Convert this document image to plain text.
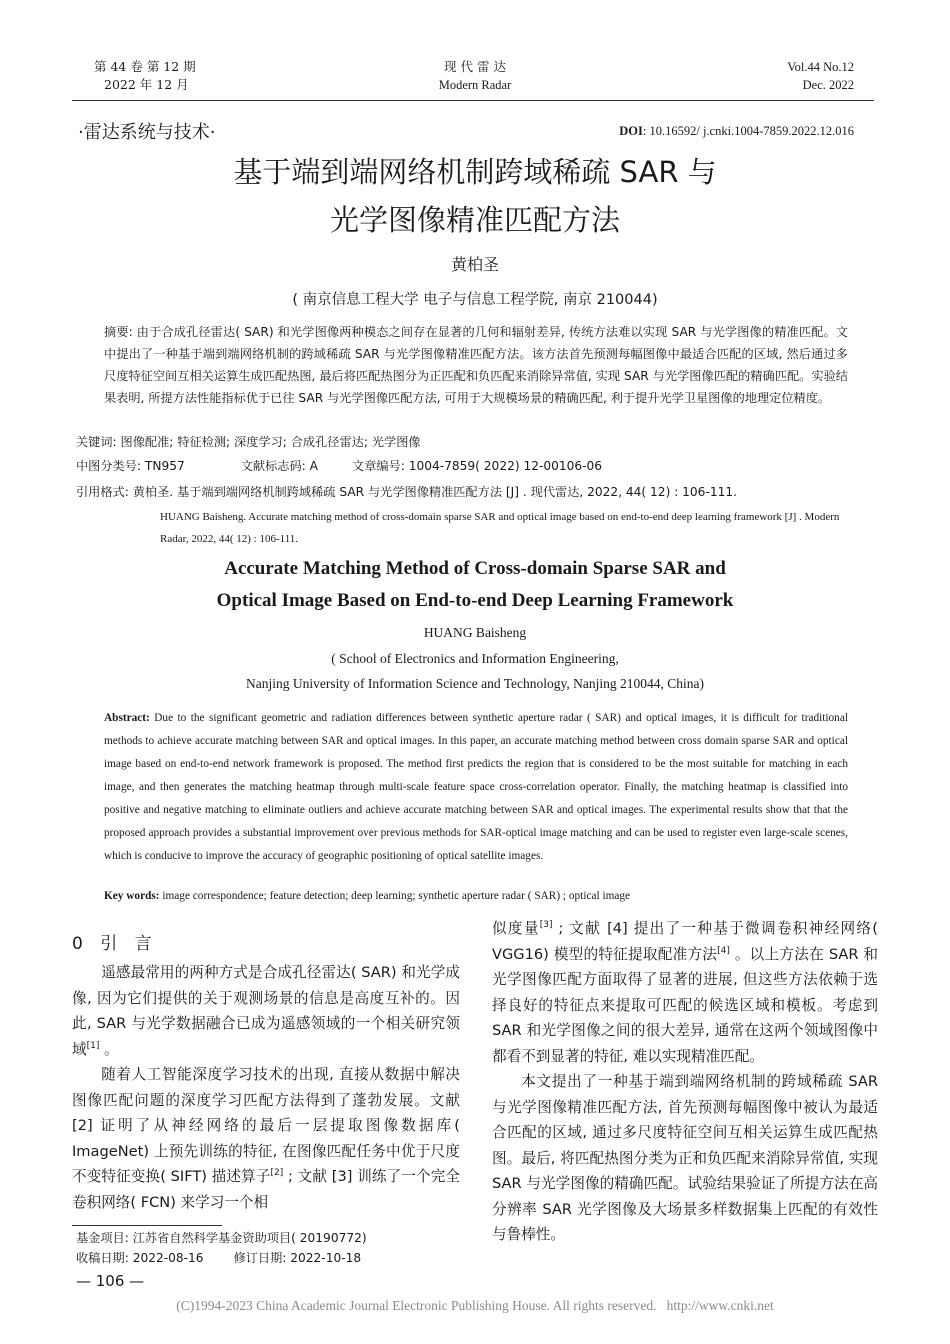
第 44 卷 第 12 期
2022 年 12 月
现 代 雷 达
Modern Radar
Vol.44 No.12
Dec. 2022
·雷达系统与技术·	DOI: 10.16592/ j.cnki.1004-7859.2022.12.016
基于端到端网络机制跨域稀疏 SAR 与
光学图像精准匹配方法
黄柏圣
( 南京信息工程大学 电子与信息工程学院, 南京 210044)
摘要: 由于合成孔径雷达( SAR) 和光学图像两种模态之间存在显著的几何和辐射差异, 传统方法难以实现 SAR 与光学图像的精准匹配。文中提出了一种基于端到端网络机制的跨域稀疏 SAR 与光学图像精准匹配方法。该方法首先预测每幅图像中最适合匹配的区域, 然后通过多尺度特征空间互相关运算生成匹配热图, 最后将匹配热图分为正匹配和负匹配来消除异常值, 实现 SAR 与光学图像匹配的精确匹配。实验结果表明, 所提方法性能指标优于已往 SAR 与光学图像匹配方法, 可用于大规模场景的精确匹配, 利于提升光学卫星图像的地理定位精度。
关键词: 图像配准; 特征检测; 深度学习; 合成孔径雷达; 光学图像
中图分类号: TN957	文献标志码: A	文章编号: 1004-7859( 2022) 12-00106-06
引用格式: 黄柏圣. 基于端到端网络机制跨域稀疏 SAR 与光学图像精准匹配方法 [J] . 现代雷达, 2022, 44( 12) : 106-111.
HUANG Baisheng. Accurate matching method of cross-domain sparse SAR and optical image based on end-to-end deep learning framework [J] . Modern Radar, 2022, 44( 12) : 106-111.
Accurate Matching Method of Cross-domain Sparse SAR and
Optical Image Based on End-to-end Deep Learning Framework
HUANG Baisheng
( School of Electronics and Information Engineering,
Nanjing University of Information Science and Technology, Nanjing 210044, China)
Abstract: Due to the significant geometric and radiation differences between synthetic aperture radar ( SAR) and optical images, it is difficult for traditional methods to achieve accurate matching between SAR and optical images. In this paper, an accurate matching method between cross domain sparse SAR and optical image based on end-to-end network framework is proposed. The method first predicts the region that is considered to be the most suitable for matching in each image, and then generates the matching heatmap through multi-scale feature space cross-correlation operator. Finally, the matching heatmap is classified into positive and negative matching to eliminate outliers and achieve accurate matching between SAR and optical images. The experimental results show that that the proposed approach provides a substantial improvement over previous methods for SAR-optical image matching and can be used to register even large-scale scenes, which is conducive to improve the accuracy of geographic positioning of optical satellite images.
Key words: image correspondence; feature detection; deep learning; synthetic aperture radar ( SAR) ; optical image
0 引 言

遥感最常用的两种方式是合成孔径雷达( SAR) 和光学成像, 因为它们提供的关于观测场景的信息是高度互补的。因此, SAR 与光学数据融合已成为遥感领域的一个相关研究领域[1] 。

随着人工智能深度学习技术的出现, 直接从数据中解决图像匹配问题的深度学习匹配方法得到了蓬勃发展。文献 [2] 证明了从神经网络的最后一层提取图像数据库( ImageNet) 上预先训练的特征, 在图像匹配任务中优于尺度不变特征变换( SIFT) 描述算子[2] ; 文献 [3] 训练了一个完全卷积网络( FCN) 来学习一个相

似度量[3] ; 文献 [4] 提出了一种基于微调卷积神经网络( VGG16) 模型的特征提取配准方法[4] 。以上方法在 SAR 和光学图像匹配方面取得了显著的进展, 但这些方法依赖于选择良好的特征点来提取可匹配的候选区域和模板。考虑到 SAR 和光学图像之间的很大差异, 通常在这两个领域图像中都看不到显著的特征, 难以实现精准匹配。

本文提出了一种基于端到端网络机制的跨域稀疏 SAR 与光学图像精准匹配方法, 首先预测每幅图像中被认为最适合匹配的区域, 通过多尺度特征空间互相关运算生成匹配热图。最后, 将匹配热图分类为正和负匹配来消除异常值, 实现 SAR 与光学图像的精确匹配。试验结果验证了所提方法在高分辨率 SAR 光学图像及大场景多样数据集上匹配的有效性与鲁棒性。

基金项目: 江苏省自然科学基金资助项目( 20190772)
收稿日期: 2022-08-16 修订日期: 2022-10-18
— 106 —
(C)1994-2023 China Academic Journal Electronic Publishing House. All rights reserved.   http://www.cnki.net
